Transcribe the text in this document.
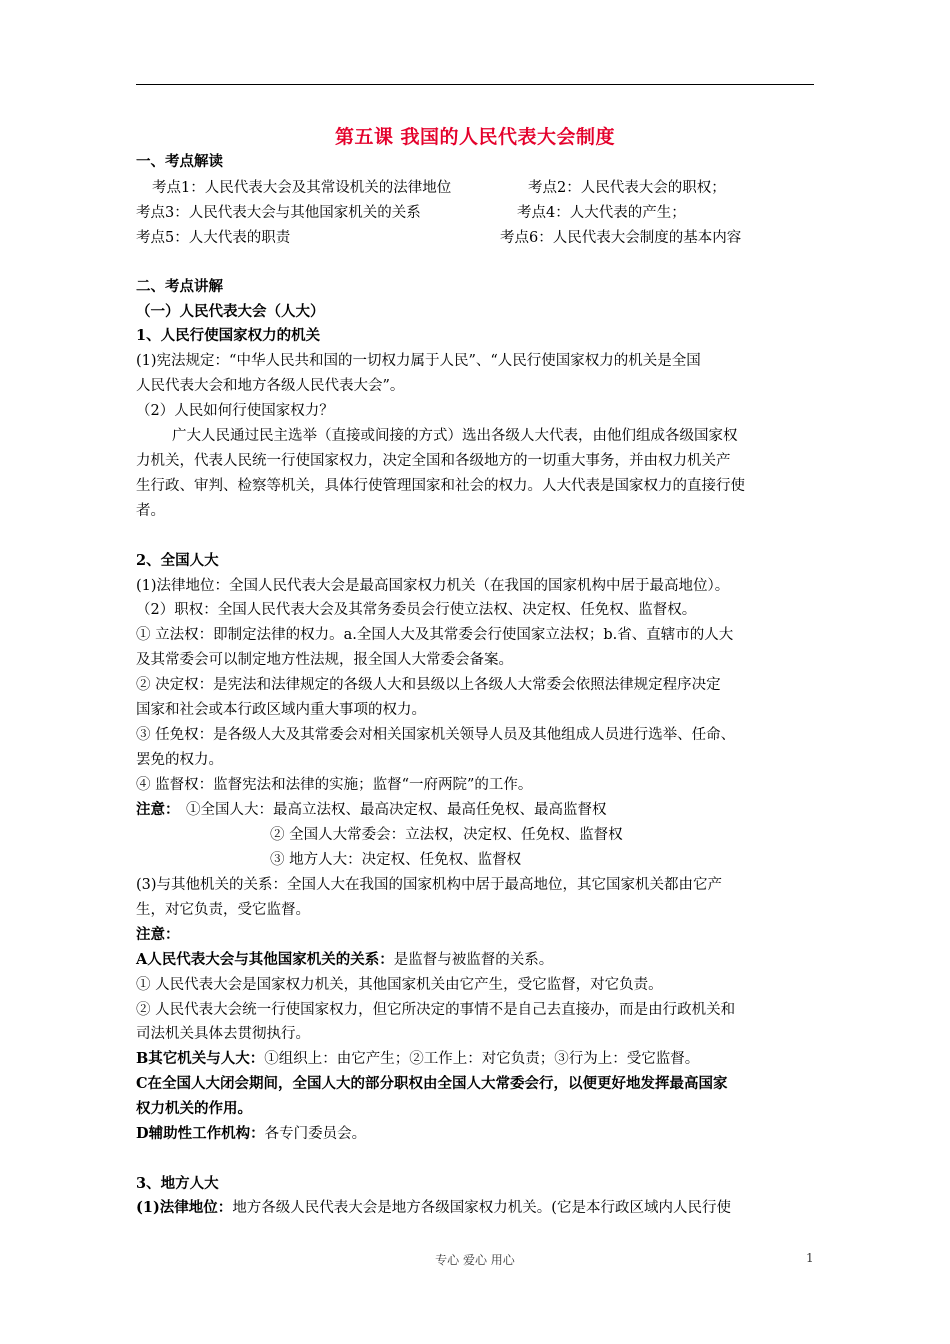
第五课 我国的人民代表大会制度
一、考点解读
考点1：人民代表大会及其常设机关的法律地位	考点2：人民代表大会的职权；
考点3：人民代表大会与其他国家机关的关系	考点4：人大代表的产生；
考点5：人大代表的职责	考点6：人民代表大会制度的基本内容
二、考点讲解
（一）人民代表大会（人大）
1、人民行使国家权力的机关
(1)宪法规定：“中华人民共和国的一切权力属于人民”、“人民行使国家权力的机关是全国
人民代表大会和地方各级人民代表大会”。
（2）人民如何行使国家权力？
广大人民通过民主选举（直接或间接的方式）选出各级人大代表，由他们组成各级国家权
力机关，代表人民统一行使国家权力，决定全国和各级地方的一切重大事务，并由权力机关产
生行政、审判、检察等机关，具体行使管理国家和社会的权力。人大代表是国家权力的直接行使
者。
2、全国人大
(1)法律地位：全国人民代表大会是最高国家权力机关（在我国的国家机构中居于最高地位）。
（2）职权：全国人民代表大会及其常务委员会行使立法权、决定权、任免权、监督权。
① 立法权：即制定法律的权力。a.全国人大及其常委会行使国家立法权；b.省、直辖市的人大
及其常委会可以制定地方性法规，报全国人大常委会备案。
② 决定权：是宪法和法律规定的各级人大和县级以上各级人大常委会依照法律规定程序决定
国家和社会或本行政区域内重大事项的权力。
③ 任免权：是各级人大及其常委会对相关国家机关领导人员及其他组成人员进行选举、任命、
罢免的权力。
④ 监督权：监督宪法和法律的实施；监督“一府两院”的工作。
注意： ①全国人大：最高立法权、最高决定权、最高任免权、最高监督权
② 全国人大常委会：立法权，决定权、任免权、监督权
③ 地方人大：决定权、任免权、监督权
(3)与其他机关的关系：全国人大在我国的国家机构中居于最高地位，其它国家机关都由它产
生，对它负责，受它监督。
注意：
A人民代表大会与其他国家机关的关系：是监督与被监督的关系。
① 人民代表大会是国家权力机关，其他国家机关由它产生，受它监督，对它负责。
② 人民代表大会统一行使国家权力，但它所决定的事情不是自己去直接办，而是由行政机关和
司法机关具体去贯彻执行。
B其它机关与人大：①组织上：由它产生；②工作上：对它负责；③行为上：受它监督。
C在全国人大闭会期间，全国人大的部分职权由全国人大常委会行，以便更好地发挥最高国家
权力机关的作用。
D辅助性工作机构：各专门委员会。
3、地方人大
(1)法律地位：地方各级人民代表大会是地方各级国家权力机关。(它是本行政区域内人民行使
专心 爱心 用心	1
